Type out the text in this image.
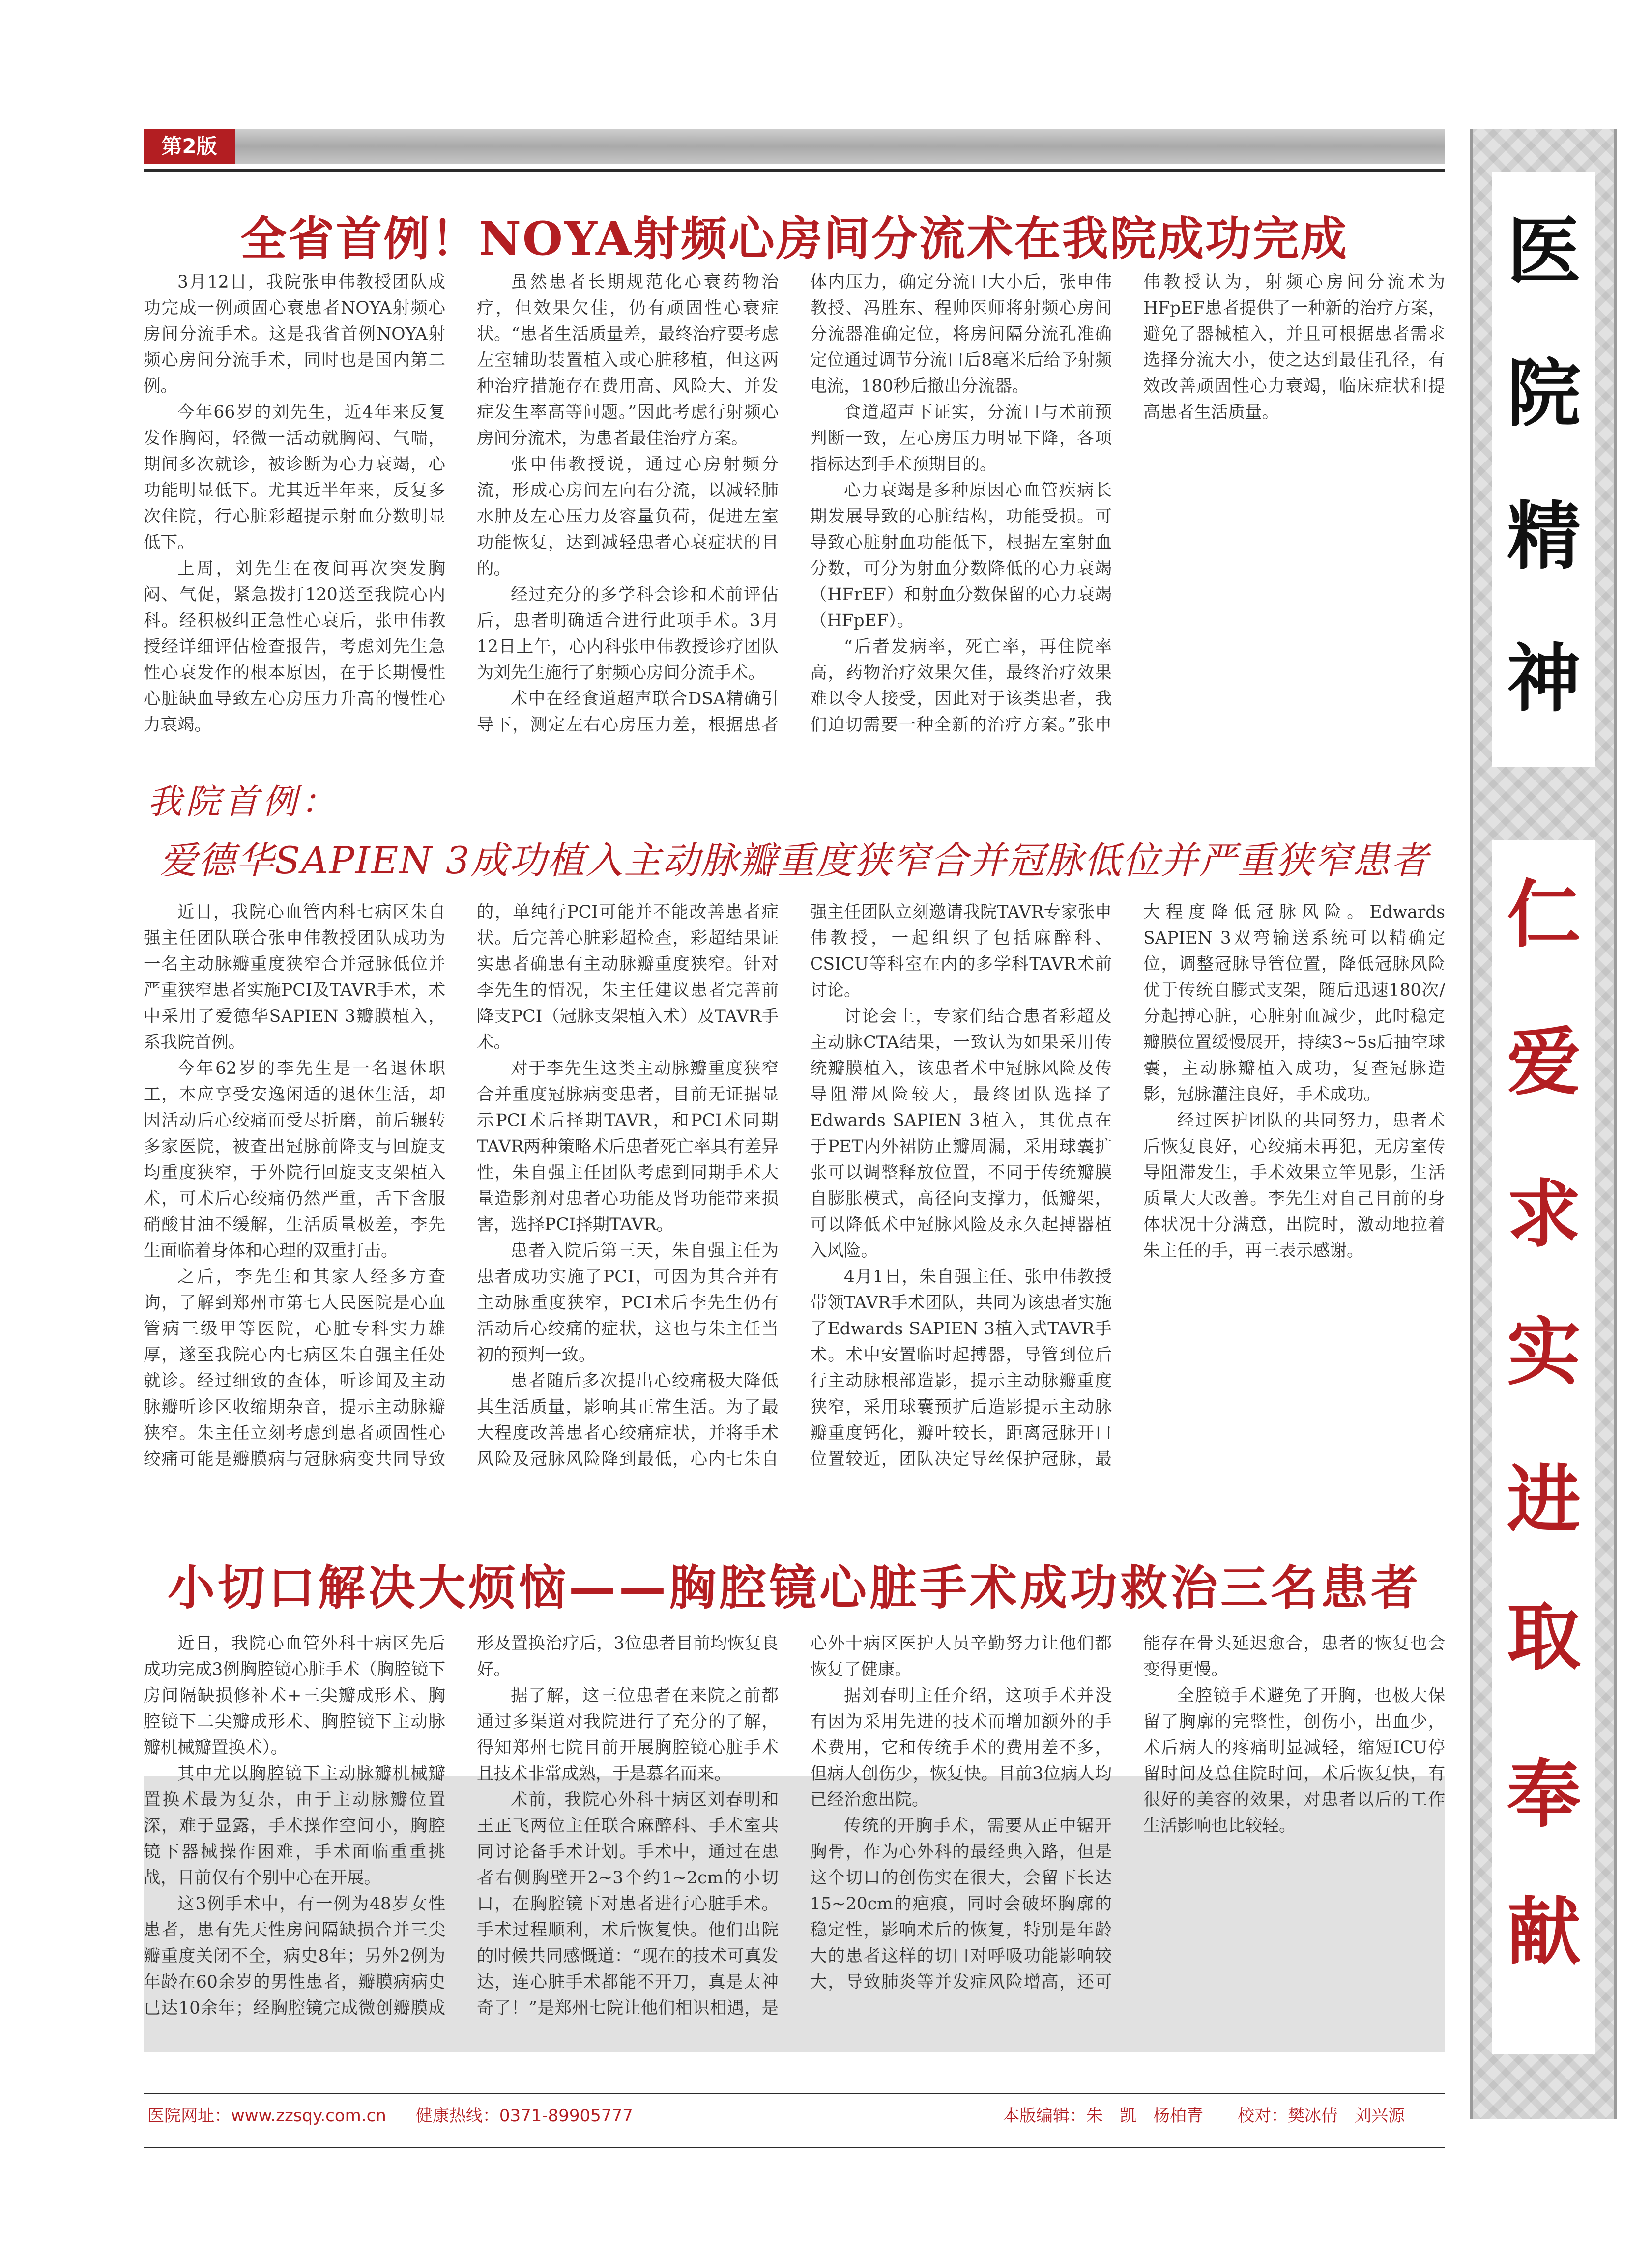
第2版
全省首例！NOYA射频心房间分流术在我院成功完成

3月12日，我院张申伟教授团队成功完成一例顽固心衰患者NOYA射频心房间分流手术。这是我省首例NOYA射频心房间分流手术，同时也是国内第二例。

今年66岁的刘先生，近4年来反复发作胸闷，轻微一活动就胸闷、气喘，期间多次就诊，被诊断为心力衰竭，心功能明显低下。尤其近半年来，反复多次住院，行心脏彩超提示射血分数明显低下。

上周，刘先生在夜间再次突发胸闷、气促，紧急拨打120送至我院心内科。经积极纠正急性心衰后，张申伟教授经详细评估检查报告，考虑刘先生急性心衰发作的根本原因，在于长期慢性心脏缺血导致左心房压力升高的慢性心力衰竭。

虽然患者长期规范化心衰药物治疗，但效果欠佳，仍有顽固性心衰症状。“患者生活质量差，最终治疗要考虑左室辅助装置植入或心脏移植，但这两种治疗措施存在费用高、风险大、并发症发生率高等问题。”因此考虑行射频心房间分流术，为患者最佳治疗方案。

张申伟教授说，通过心房射频分流，形成心房间左向右分流，以减轻肺水肿及左心压力及容量负荷，促进左室功能恢复，达到减轻患者心衰症状的目的。

经过充分的多学科会诊和术前评估后，患者明确适合进行此项手术。3月12日上午，心内科张申伟教授诊疗团队为刘先生施行了射频心房间分流手术。

术中在经食道超声联合DSA精确引导下，测定左右心房压力差，根据患者体内压力，确定分流口大小后，张申伟教授、冯胜东、程帅医师将射频心房间分流器准确定位，将房间隔分流孔准确定位通过调节分流口后8毫米后给予射频电流，180秒后撤出分流器。

食道超声下证实，分流口与术前预判断一致，左心房压力明显下降，各项指标达到手术预期目的。

心力衰竭是多种原因心血管疾病长期发展导致的心脏结构，功能受损。可导致心脏射血功能低下，根据左室射血分数，可分为射血分数降低的心力衰竭（HFrEF）和射血分数保留的心力衰竭（HFpEF）。

“后者发病率，死亡率，再住院率高，药物治疗效果欠佳，最终治疗效果难以令人接受，因此对于该类患者，我们迫切需要一种全新的治疗方案。”张申伟教授认为，射频心房间分流术为HFpEF患者提供了一种新的治疗方案，避免了器械植入，并且可根据患者需求选择分流大小，使之达到最佳孔径，有效改善顽固性心力衰竭，临床症状和提高患者生活质量。

我院首例：
爱德华SAPIEN 3成功植入主动脉瓣重度狭窄合并冠脉低位并严重狭窄患者

近日，我院心血管内科七病区朱自强主任团队联合张申伟教授团队成功为一名主动脉瓣重度狭窄合并冠脉低位并严重狭窄患者实施PCI及TAVR手术，术中采用了爱德华SAPIEN 3瓣膜植入，系我院首例。

今年62岁的李先生是一名退休职工，本应享受安逸闲适的退休生活，却因活动后心绞痛而受尽折磨，前后辗转多家医院，被查出冠脉前降支与回旋支均重度狭窄，于外院行回旋支支架植入术，可术后心绞痛仍然严重，舌下含服硝酸甘油不缓解，生活质量极差，李先生面临着身体和心理的双重打击。

之后，李先生和其家人经多方查询，了解到郑州市第七人民医院是心血管病三级甲等医院，心脏专科实力雄厚，遂至我院心内七病区朱自强主任处就诊。经过细致的查体，听诊闻及主动脉瓣听诊区收缩期杂音，提示主动脉瓣狭窄。朱主任立刻考虑到患者顽固性心绞痛可能是瓣膜病与冠脉病变共同导致的，单纯行PCI可能并不能改善患者症状。后完善心脏彩超检查，彩超结果证实患者确患有主动脉瓣重度狭窄。针对李先生的情况，朱主任建议患者完善前降支PCI（冠脉支架植入术）及TAVR手术。

对于李先生这类主动脉瓣重度狭窄合并重度冠脉病变患者，目前无证据显示PCI术后择期TAVR，和PCI术同期TAVR两种策略术后患者死亡率具有差异性，朱自强主任团队考虑到同期手术大量造影剂对患者心功能及肾功能带来损害，选择PCI择期TAVR。

患者入院后第三天，朱自强主任为患者成功实施了PCI，可因为其合并有主动脉重度狭窄，PCI术后李先生仍有活动后心绞痛的症状，这也与朱主任当初的预判一致。

患者随后多次提出心绞痛极大降低其生活质量，影响其正常生活。为了最大程度改善患者心绞痛症状，并将手术风险及冠脉风险降到最低，心内七朱自强主任团队立刻邀请我院TAVR专家张申伟教授，一起组织了包括麻醉科、CSICU等科室在内的多学科TAVR术前讨论。

讨论会上，专家们结合患者彩超及主动脉CTA结果，一致认为如果采用传统瓣膜植入，该患者术中冠脉风险及传导阻滞风险较大，最终团队选择了Edwards SAPIEN 3植入，其优点在于PET内外裙防止瓣周漏，采用球囊扩张可以调整释放位置，不同于传统瓣膜自膨胀模式，高径向支撑力，低瓣架，可以降低术中冠脉风险及永久起搏器植入风险。

4月1日，朱自强主任、张申伟教授带领TAVR手术团队，共同为该患者实施了Edwards SAPIEN 3植入式TAVR手术。术中安置临时起搏器，导管到位后行主动脉根部造影，提示主动脉瓣重度狭窄，采用球囊预扩后造影提示主动脉瓣重度钙化，瓣叶较长，距离冠脉开口位置较近，团队决定导丝保护冠脉，最大程度降低冠脉风险。Edwards SAPIEN 3双弯输送系统可以精确定位，调整冠脉导管位置，降低冠脉风险优于传统自膨式支架，随后迅速180次/分起搏心脏，心脏射血减少，此时稳定瓣膜位置缓慢展开，持续3~5s后抽空球囊，主动脉瓣植入成功，复查冠脉造影，冠脉灌注良好，手术成功。

经过医护团队的共同努力，患者术后恢复良好，心绞痛未再犯，无房室传导阻滞发生，手术效果立竿见影，生活质量大大改善。李先生对自己目前的身体状况十分满意，出院时，激动地拉着朱主任的手，再三表示感谢。

小切口解决大烦恼——胸腔镜心脏手术成功救治三名患者

近日，我院心血管外科十病区先后成功完成3例胸腔镜心脏手术（胸腔镜下房间隔缺损修补术+三尖瓣成形术、胸腔镜下二尖瓣成形术、胸腔镜下主动脉瓣机械瓣置换术）。

其中尤以胸腔镜下主动脉瓣机械瓣置换术最为复杂，由于主动脉瓣位置深，难于显露，手术操作空间小，胸腔镜下器械操作困难，手术面临重重挑战，目前仅有个别中心在开展。

这3例手术中，有一例为48岁女性患者，患有先天性房间隔缺损合并三尖瓣重度关闭不全，病史8年；另外2例为年龄在60余岁的男性患者，瓣膜病病史已达10余年；经胸腔镜完成微创瓣膜成形及置换治疗后，3位患者目前均恢复良好。

据了解，这三位患者在来院之前都通过多渠道对我院进行了充分的了解，得知郑州七院目前开展胸腔镜心脏手术且技术非常成熟，于是慕名而来。

术前，我院心外科十病区刘春明和王正飞两位主任联合麻醉科、手术室共同讨论备手术计划。手术中，通过在患者右侧胸壁开2~3个约1~2cm的小切口，在胸腔镜下对患者进行心脏手术。手术过程顺利，术后恢复快。他们出院的时候共同感慨道：“现在的技术可真发达，连心脏手术都能不开刀，真是太神奇了！”是郑州七院让他们相识相遇，是心外十病区医护人员辛勤努力让他们都恢复了健康。

据刘春明主任介绍，这项手术并没有因为采用先进的技术而增加额外的手术费用，它和传统手术的费用差不多，但病人创伤少，恢复快。目前3位病人均已经治愈出院。

传统的开胸手术，需要从正中锯开胸骨，作为心外科的最经典入路，但是这个切口的创伤实在很大，会留下长达15~20cm的疤痕，同时会破坏胸廓的稳定性，影响术后的恢复，特别是年龄大的患者这样的切口对呼吸功能影响较大，导致肺炎等并发症风险增高，还可能存在骨头延迟愈合，患者的恢复也会变得更慢。

全腔镜手术避免了开胸，也极大保留了胸廓的完整性，创伤小，出血少，术后病人的疼痛明显减轻，缩短ICU停留时间及总住院时间，术后恢复快，有很好的美容的效果，对患者以后的工作生活影响也比较轻。

医院网址：www.zzsqy.com.cn 健康热线：0371-89905777	本版编辑：朱　凯　杨柏青 校对：樊冰倩　刘兴源
医
院
精
神
仁
爱
求
实
进
取
奉
献
